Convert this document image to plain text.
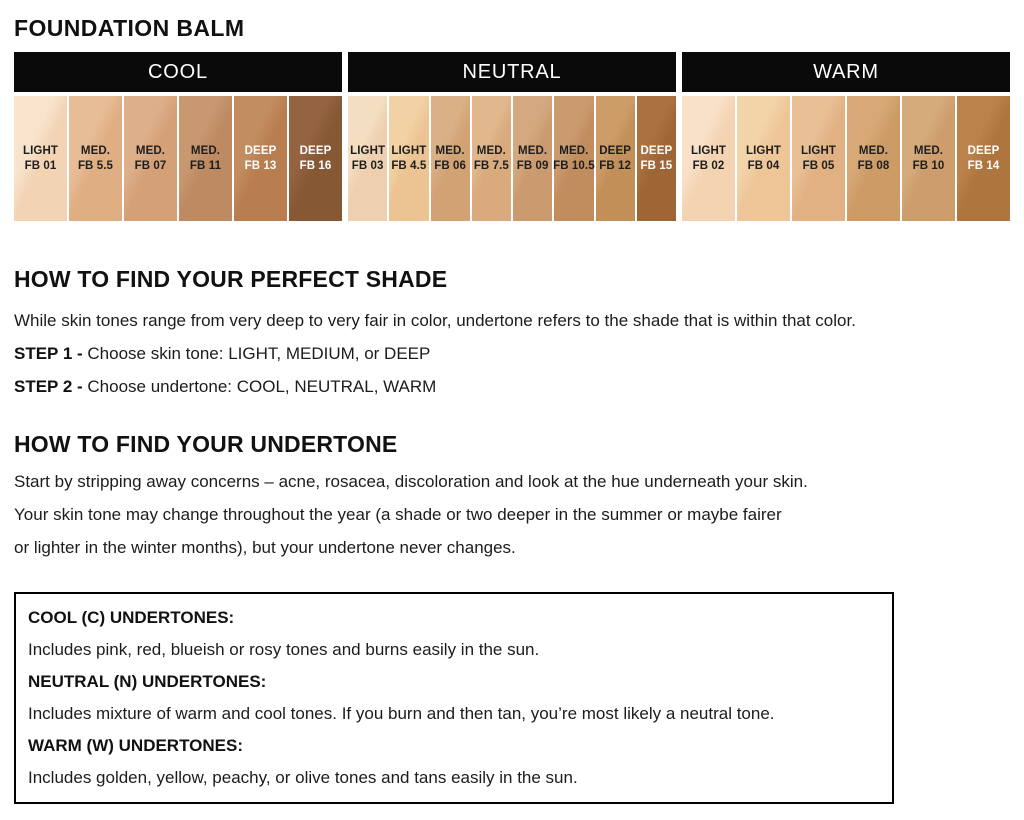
FOUNDATION BALM
COOL
LIGHT
FB 01
MED.
FB 5.5
MED.
FB 07
MED.
FB 11
DEEP
FB 13
DEEP
FB 16
NEUTRAL
LIGHT
FB 03
LIGHT
FB 4.5
MED.
FB 06
MED.
FB 7.5
MED.
FB 09
MED.
FB 10.5
DEEP
FB 12
DEEP
FB 15
WARM
LIGHT
FB 02
LIGHT
FB 04
LIGHT
FB 05
MED.
FB 08
MED.
FB 10
DEEP
FB 14
HOW TO FIND YOUR PERFECT SHADE

While skin tones range from very deep to very fair in color, undertone refers to the shade that is within that color.

STEP 1 - Choose skin tone: LIGHT, MEDIUM, or DEEP

STEP 2 - Choose undertone: COOL, NEUTRAL, WARM

HOW TO FIND YOUR UNDERTONE

Start by stripping away concerns – acne, rosacea, discoloration and look at the hue underneath your skin.

Your skin tone may change throughout the year (a shade or two deeper in the summer or maybe fairer

or lighter in the winter months), but your undertone never changes.

COOL (C) UNDERTONES:

Includes pink, red, blueish or rosy tones and burns easily in the sun.

NEUTRAL (N) UNDERTONES:

Includes mixture of warm and cool tones. If you burn and then tan, you’re most likely a neutral tone.

WARM (W) UNDERTONES:

Includes golden, yellow, peachy, or olive tones and tans easily in the sun.
